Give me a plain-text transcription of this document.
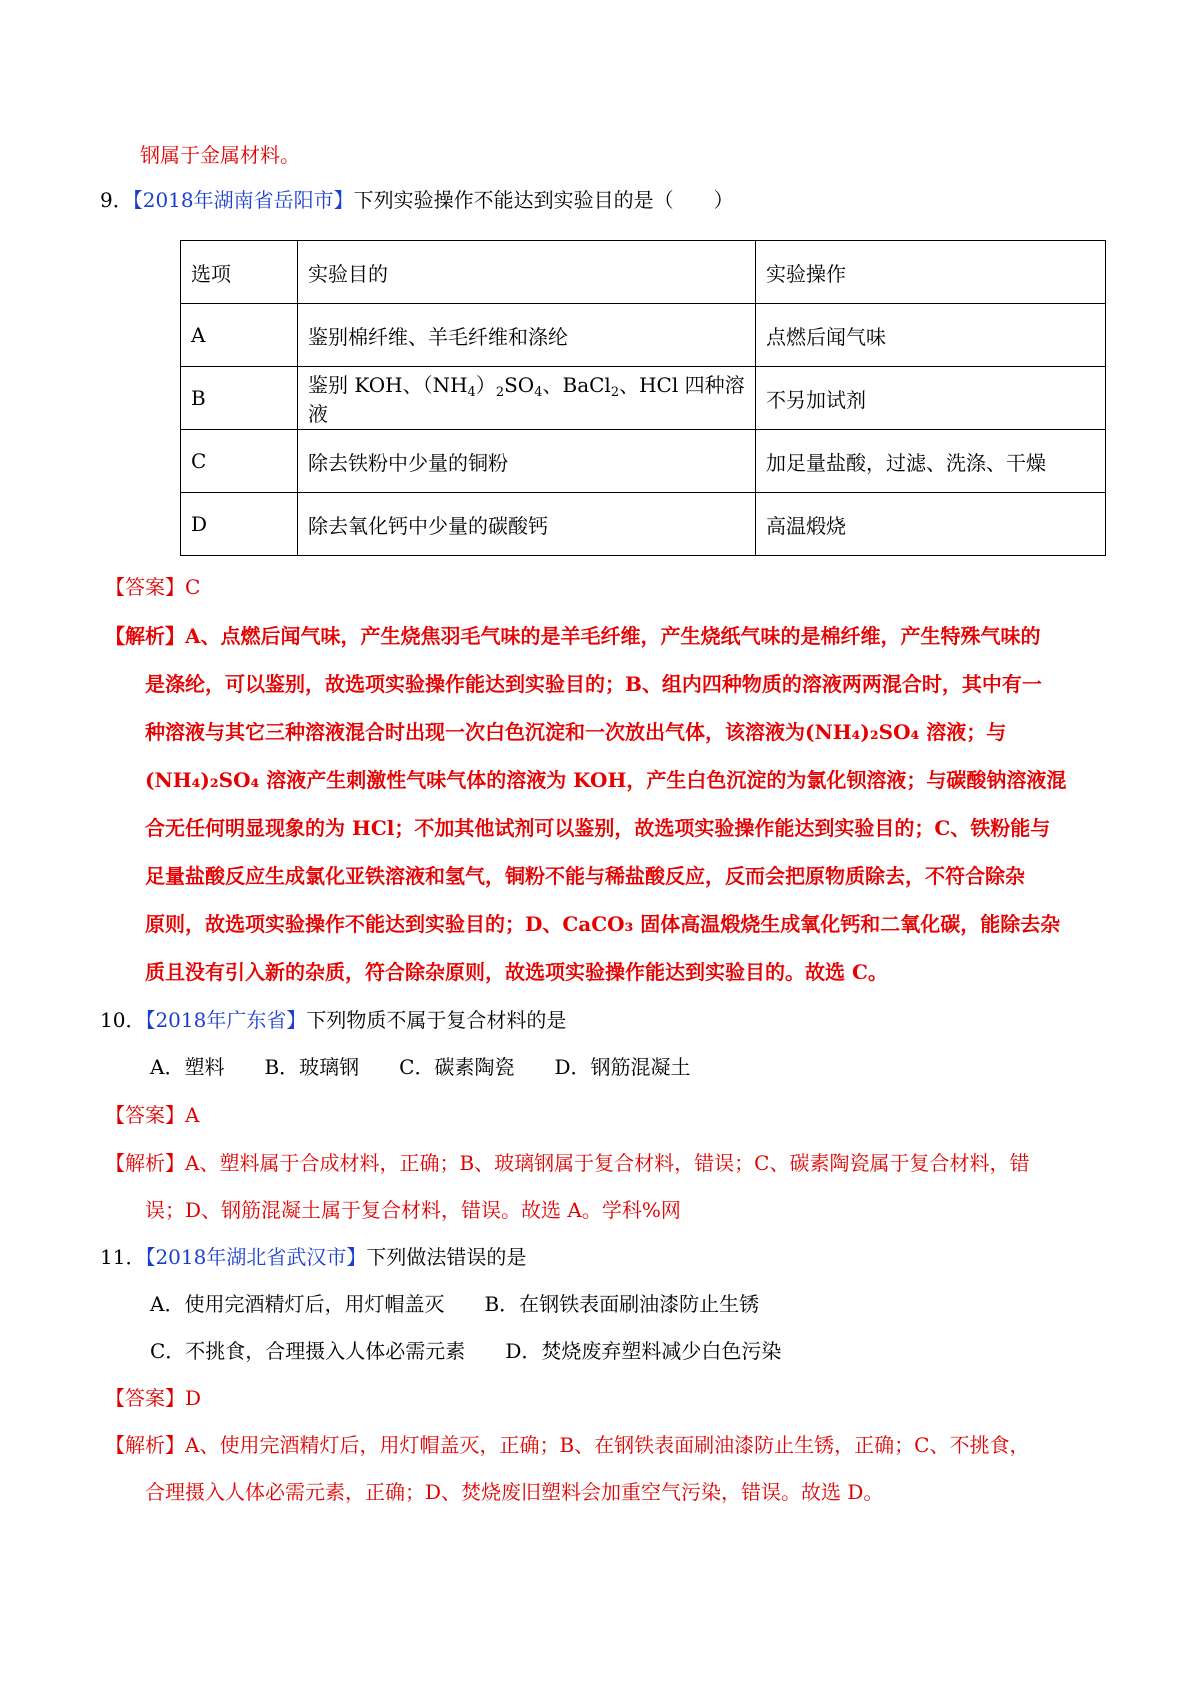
钢属于金属材料。
9．【2018年湖南省岳阳市】下列实验操作不能达到实验目的是（　　）
选项	实验目的	实验操作
A	鉴别棉纤维、羊毛纤维和涤纶	点燃后闻气味
B	鉴别 KOH、$(NH_4)_2SO_4$、BaCl$_2$、HCl 四种溶液	不另加试剂
C	除去铁粉中少量的铜粉	加足量盐酸，过滤、洗涤、干燥
D	除去氧化钙中少量的碳酸钙	高温煅烧
【答案】C
【解析】A、点燃后闻气味，产生烧焦羽毛气味的是羊毛纤维，产生烧纸气味的是棉纤维，产生特殊气味的
是涤纶，可以鉴别，故选项实验操作能达到实验目的；B、组内四种物质的溶液两两混合时，其中有一
种溶液与其它三种溶液混合时出现一次白色沉淀和一次放出气体，该溶液为(NH₄)₂SO₄ 溶液；与
(NH₄)₂SO₄ 溶液产生刺激性气味气体的溶液为 KOH，产生白色沉淀的为氯化钡溶液；与碳酸钠溶液混
合无任何明显现象的为 HCl；不加其他试剂可以鉴别，故选项实验操作能达到实验目的；C、铁粉能与
足量盐酸反应生成氯化亚铁溶液和氢气，铜粉不能与稀盐酸反应，反而会把原物质除去，不符合除杂
原则，故选项实验操作不能达到实验目的；D、CaCO₃ 固体高温煅烧生成氧化钙和二氧化碳，能除去杂
质且没有引入新的杂质，符合除杂原则，故选项实验操作能达到实验目的。故选 C。
10．【2018年广东省】下列物质不属于复合材料的是
A．塑料 B．玻璃钢 C．碳素陶瓷 D．钢筋混凝土
【答案】A
【解析】A、塑料属于合成材料，正确；B、玻璃钢属于复合材料，错误；C、碳素陶瓷属于复合材料，错
误；D、钢筋混凝土属于复合材料，错误。故选 A。学科%网
11．【2018年湖北省武汉市】下列做法错误的是
A．使用完酒精灯后，用灯帽盖灭 B．在钢铁表面刷油漆防止生锈
C．不挑食，合理摄入人体必需元素 D．焚烧废弃塑料减少白色污染
【答案】D
【解析】A、使用完酒精灯后，用灯帽盖灭，正确；B、在钢铁表面刷油漆防止生锈，正确；C、不挑食，
合理摄入人体必需元素，正确；D、焚烧废旧塑料会加重空气污染，错误。故选 D。
